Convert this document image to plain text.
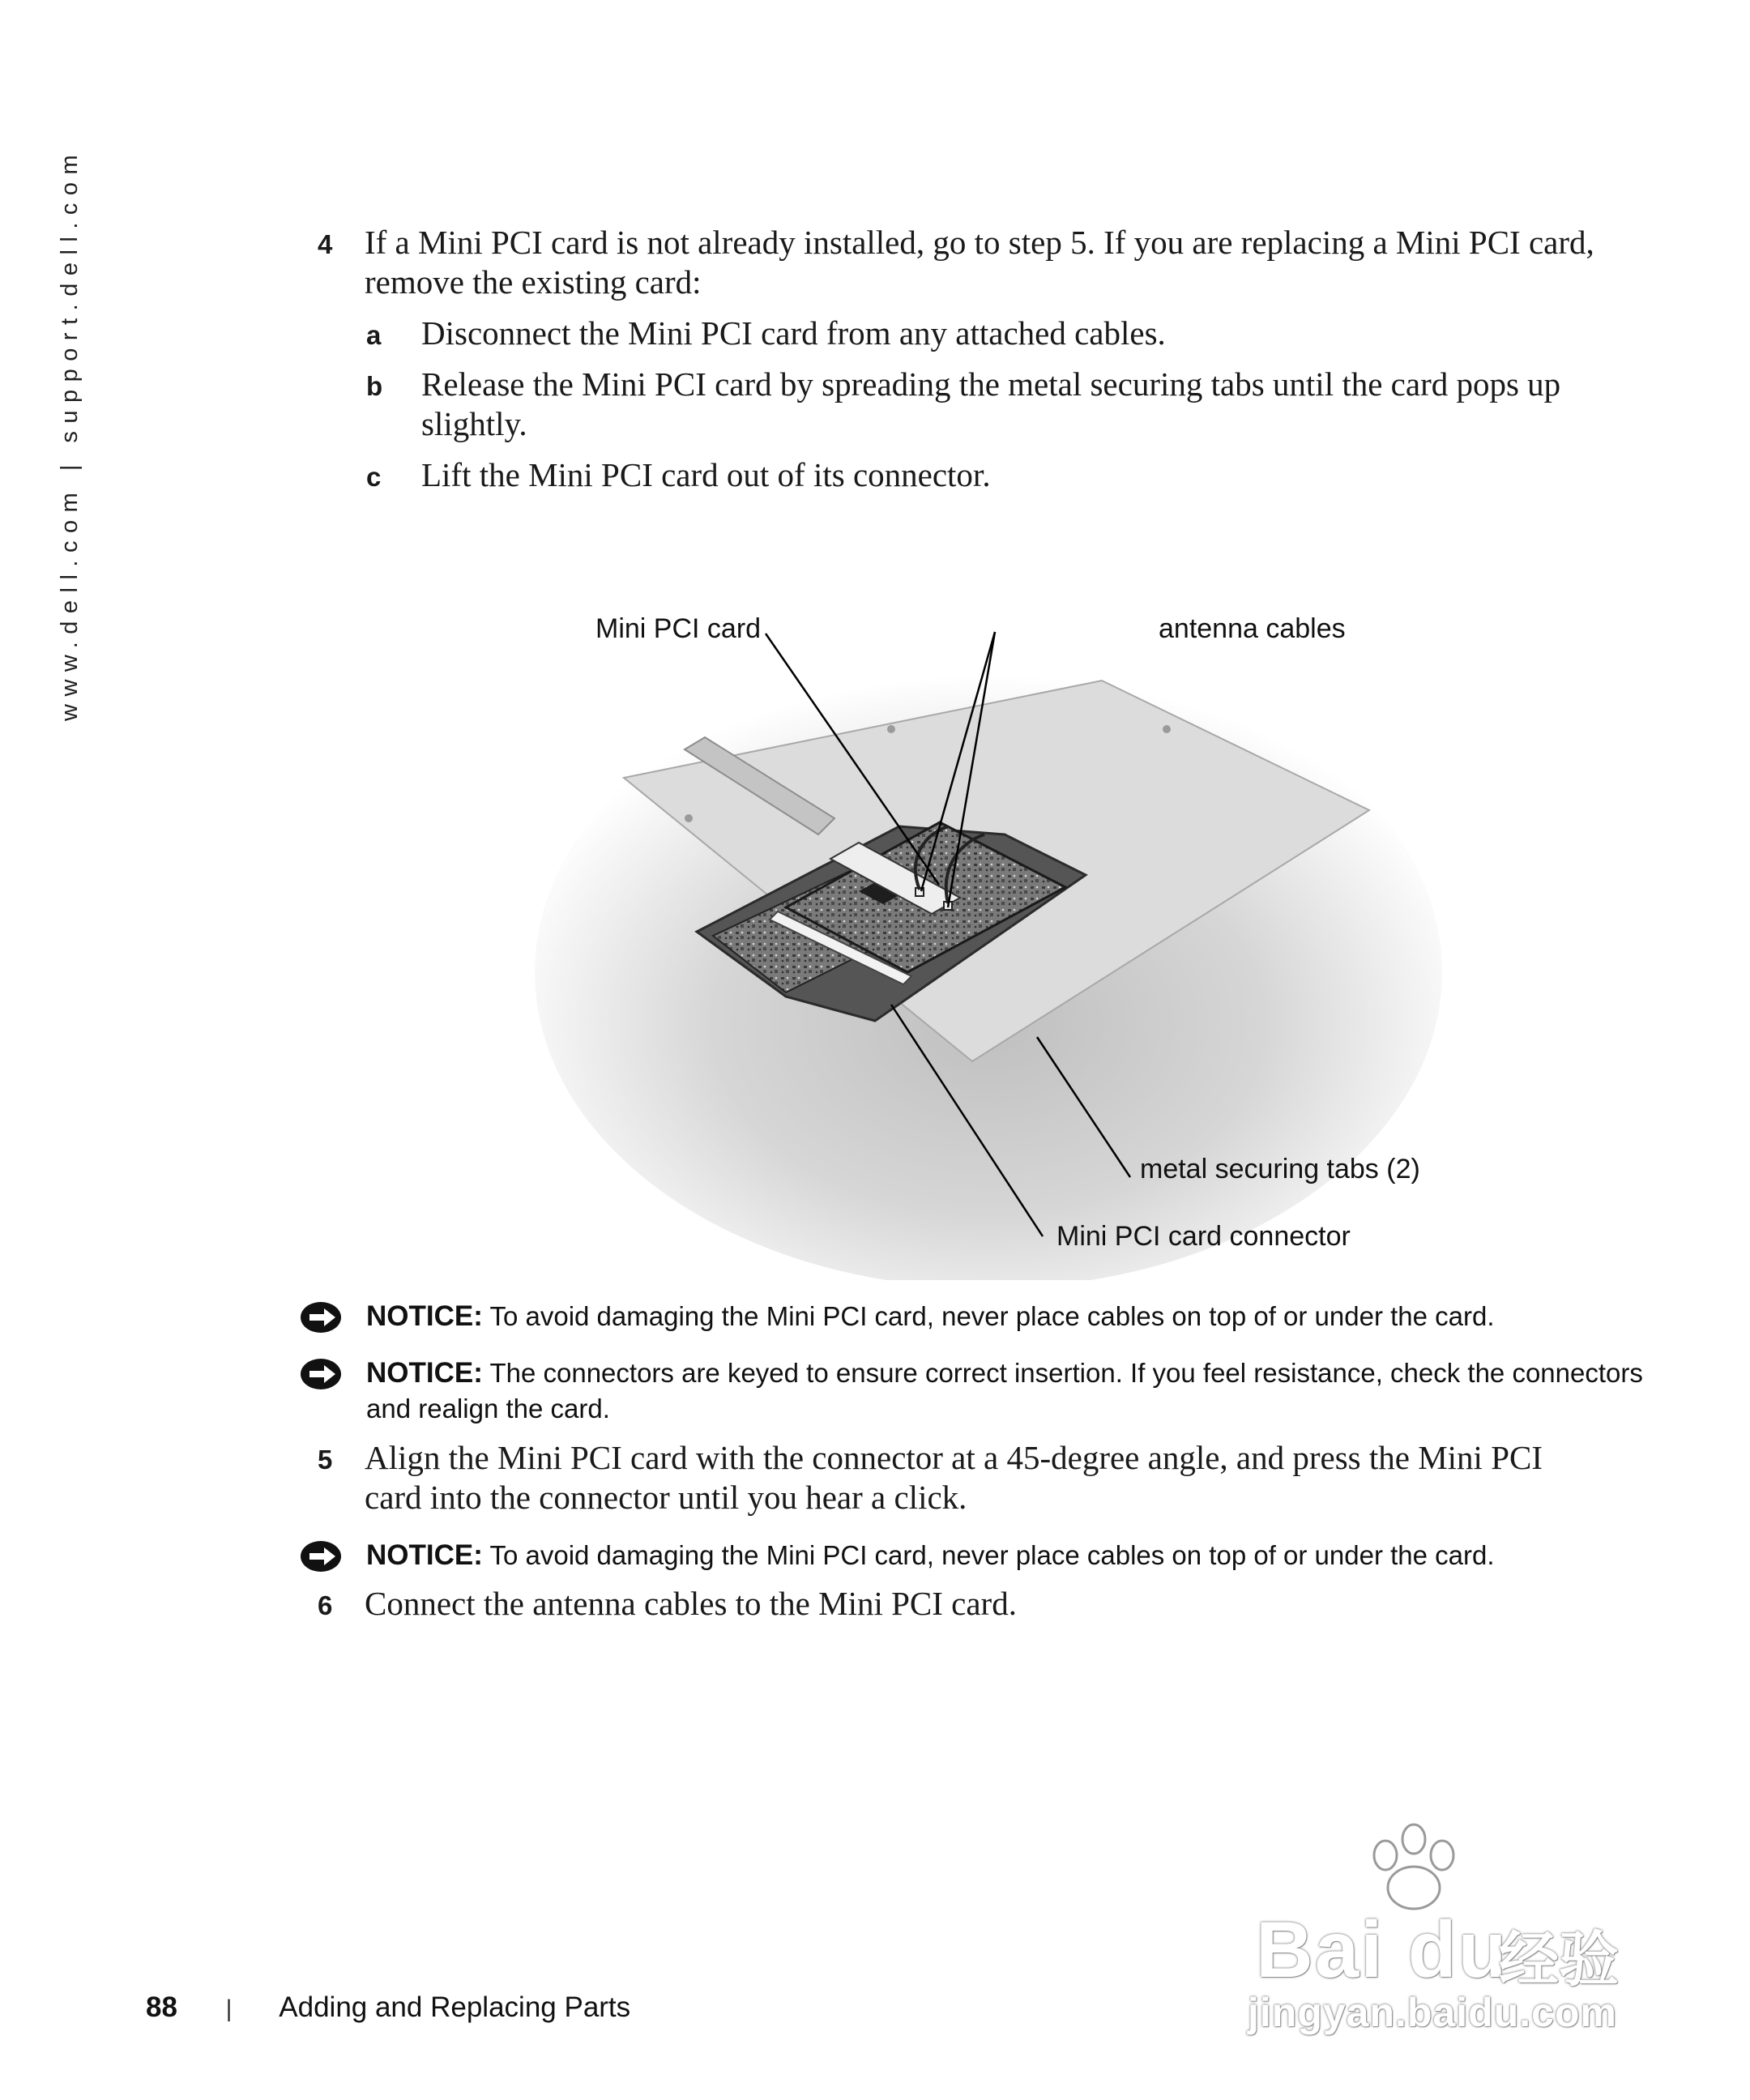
www.dell.com | support.dell.com	4 If a Mini PCI card is not already installed, go to step 5. If you are replacing a Mini PCI card, remove the existing card:
a Disconnect the Mini PCI card from any attached cables.
b Release the Mini PCI card by spreading the metal securing tabs until the card pops up slightly.
c Lift the Mini PCI card out of its connector.
Mini PCI card	antenna cables
metal securing tabs (2)
Mini PCI card connector
NOTICE: To avoid damaging the Mini PCI card, never place cables on top of or under the card.
NOTICE: The connectors are keyed to ensure correct insertion. If you feel resistance, check the connectors and realign the card.
5 Align the Mini PCI card with the connector at a 45-degree angle, and press the Mini PCI card into the connector until you hear a click.
NOTICE: To avoid damaging the Mini PCI card, never place cables on top of or under the card.
6 Connect the antenna cables to the Mini PCI card.
88 | Adding and Replacing Parts
Bai du
经验
jingyan.baidu.com
